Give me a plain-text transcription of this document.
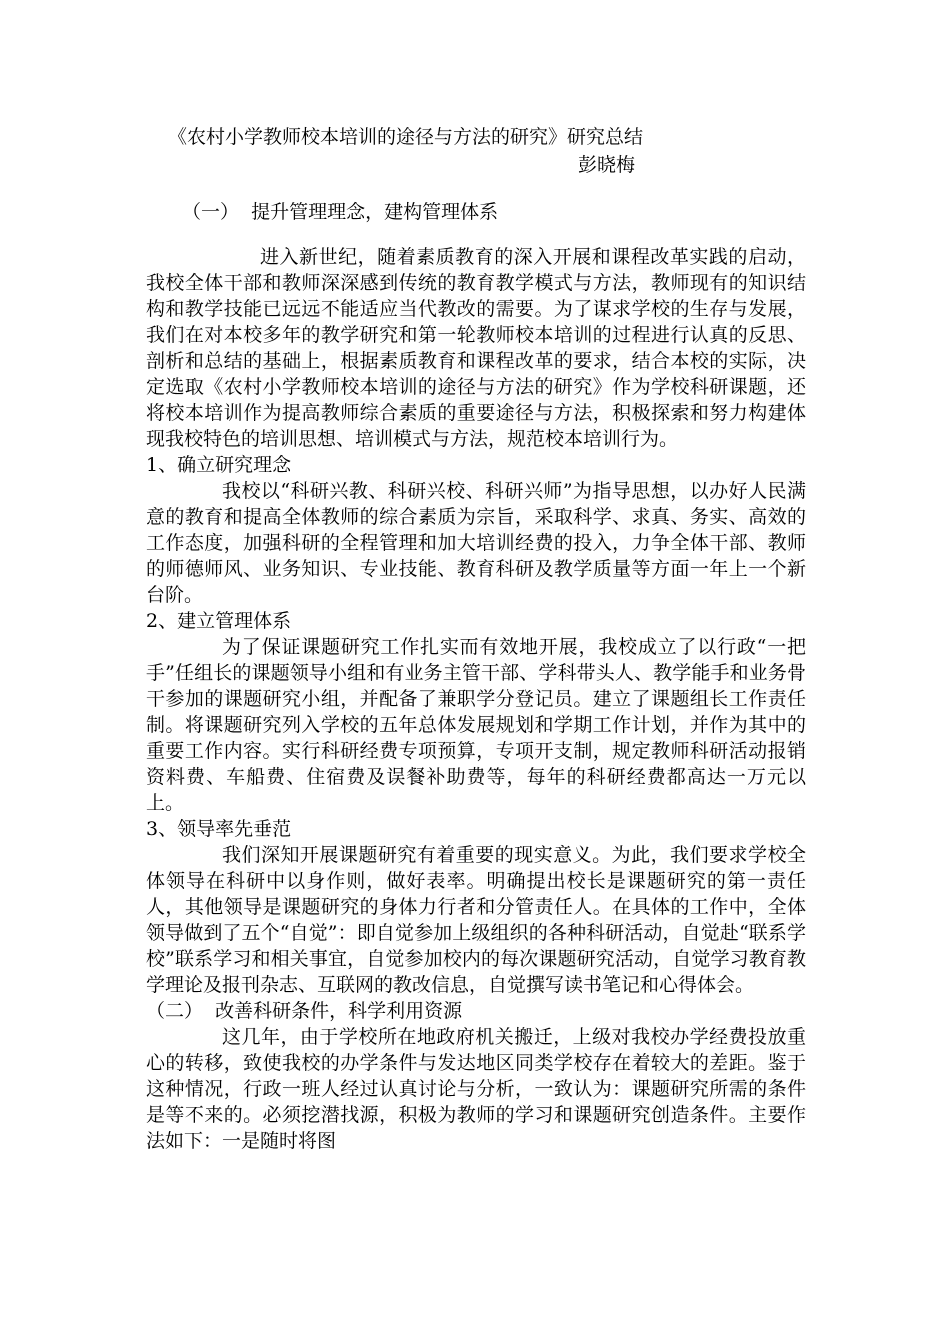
《农村小学教师校本培训的途径与方法的研究》研究总结

彭晓梅

（一）  提升管理理念，建构管理体系

进入新世纪，随着素质教育的深入开展和课程改革实践的启动，我校全体干部和教师深深感到传统的教育教学模式与方法，教师现有的知识结构和教学技能已远远不能适应当代教改的需要。为了谋求学校的生存与发展，我们在对本校多年的教学研究和第一轮教师校本培训的过程进行认真的反思、剖析和总结的基础上，根据素质教育和课程改革的要求，结合本校的实际，决定选取《农村小学教师校本培训的途径与方法的研究》作为学校科研课题，还将校本培训作为提高教师综合素质的重要途径与方法，积极探索和努力构建体现我校特色的培训思想、培训模式与方法，规范校本培训行为。

1、确立研究理念

我校以“科研兴教、科研兴校、科研兴师”为指导思想，以办好人民满意的教育和提高全体教师的综合素质为宗旨，采取科学、求真、务实、高效的工作态度，加强科研的全程管理和加大培训经费的投入，力争全体干部、教师的师德师风、业务知识、专业技能、教育科研及教学质量等方面一年上一个新台阶。

2、建立管理体系

为了保证课题研究工作扎实而有效地开展，我校成立了以行政“一把手”任组长的课题领导小组和有业务主管干部、学科带头人、教学能手和业务骨干参加的课题研究小组，并配备了兼职学分登记员。建立了课题组长工作责任制。将课题研究列入学校的五年总体发展规划和学期工作计划，并作为其中的重要工作内容。实行科研经费专项预算，专项开支制，规定教师科研活动报销资料费、车船费、住宿费及误餐补助费等，每年的科研经费都高达一万元以上。

3、领导率先垂范

我们深知开展课题研究有着重要的现实意义。为此，我们要求学校全体领导在科研中以身作则，做好表率。明确提出校长是课题研究的第一责任人，其他领导是课题研究的身体力行者和分管责任人。在具体的工作中，全体领导做到了五个“自觉”：即自觉参加上级组织的各种科研活动，自觉赴“联系学校”联系学习和相关事宜，自觉参加校内的每次课题研究活动，自觉学习教育教学理论及报刊杂志、互联网的教改信息，自觉撰写读书笔记和心得体会。

（二）  改善科研条件，科学利用资源

这几年，由于学校所在地政府机关搬迁，上级对我校办学经费投放重心的转移，致使我校的办学条件与发达地区同类学校存在着较大的差距。鉴于这种情况，行政一班人经过认真讨论与分析，一致认为：课题研究所需的条件是等不来的。必须挖潜找源，积极为教师的学习和课题研究创造条件。主要作法如下：一是随时将图
